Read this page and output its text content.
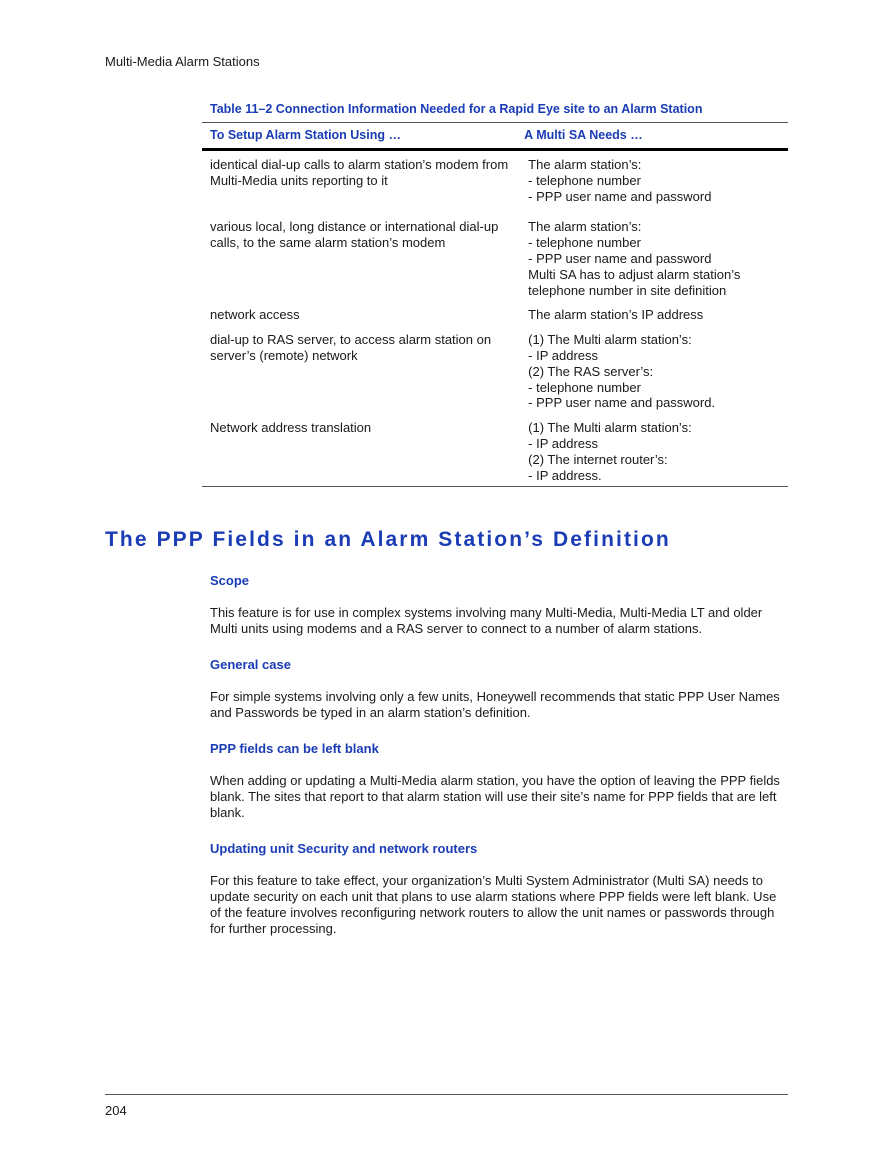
Multi-Media Alarm Stations

Table 11–2 Connection Information Needed for a Rapid Eye site to an Alarm Station

To Setup Alarm Station Using …	A Multi SA Needs …

identical dial-up calls to alarm station’s modem from
Multi-Media units reporting to it	The alarm station’s:
- telephone number
- PPP user name and password

various local, long distance or international dial-up
calls, to the same alarm station’s modem	The alarm station’s:
- telephone number
- PPP user name and password
Multi SA has to adjust alarm station’s
telephone number in site definition

network access	The alarm station’s IP address

dial-up to RAS server, to access alarm station on
server’s (remote) network	(1) The Multi alarm station’s:
- IP address
(2) The RAS server’s:
- telephone number
- PPP user name and password.

Network address translation	(1) The Multi alarm station’s:
- IP address
(2) The internet router’s:
- IP address.
The PPP Fields in an Alarm Station’s Definition
Scope

This feature is for use in complex systems involving many Multi-Media, Multi-Media LT and older Multi units using modems and a RAS server to connect to a number of alarm stations.

General case

For simple systems involving only a few units, Honeywell recommends that static PPP User Names and Passwords be typed in an alarm station’s definition.

PPP fields can be left blank

When adding or updating a Multi-Media alarm station, you have the option of leaving the PPP fields blank. The sites that report to that alarm station will use their site’s name for PPP fields that are left blank.

Updating unit Security and network routers

For this feature to take effect, your organization’s Multi System Administrator (Multi SA) needs to update security on each unit that plans to use alarm stations where PPP fields were left blank. Use of the feature involves reconfiguring network routers to allow the unit names or passwords through for further processing.

204
